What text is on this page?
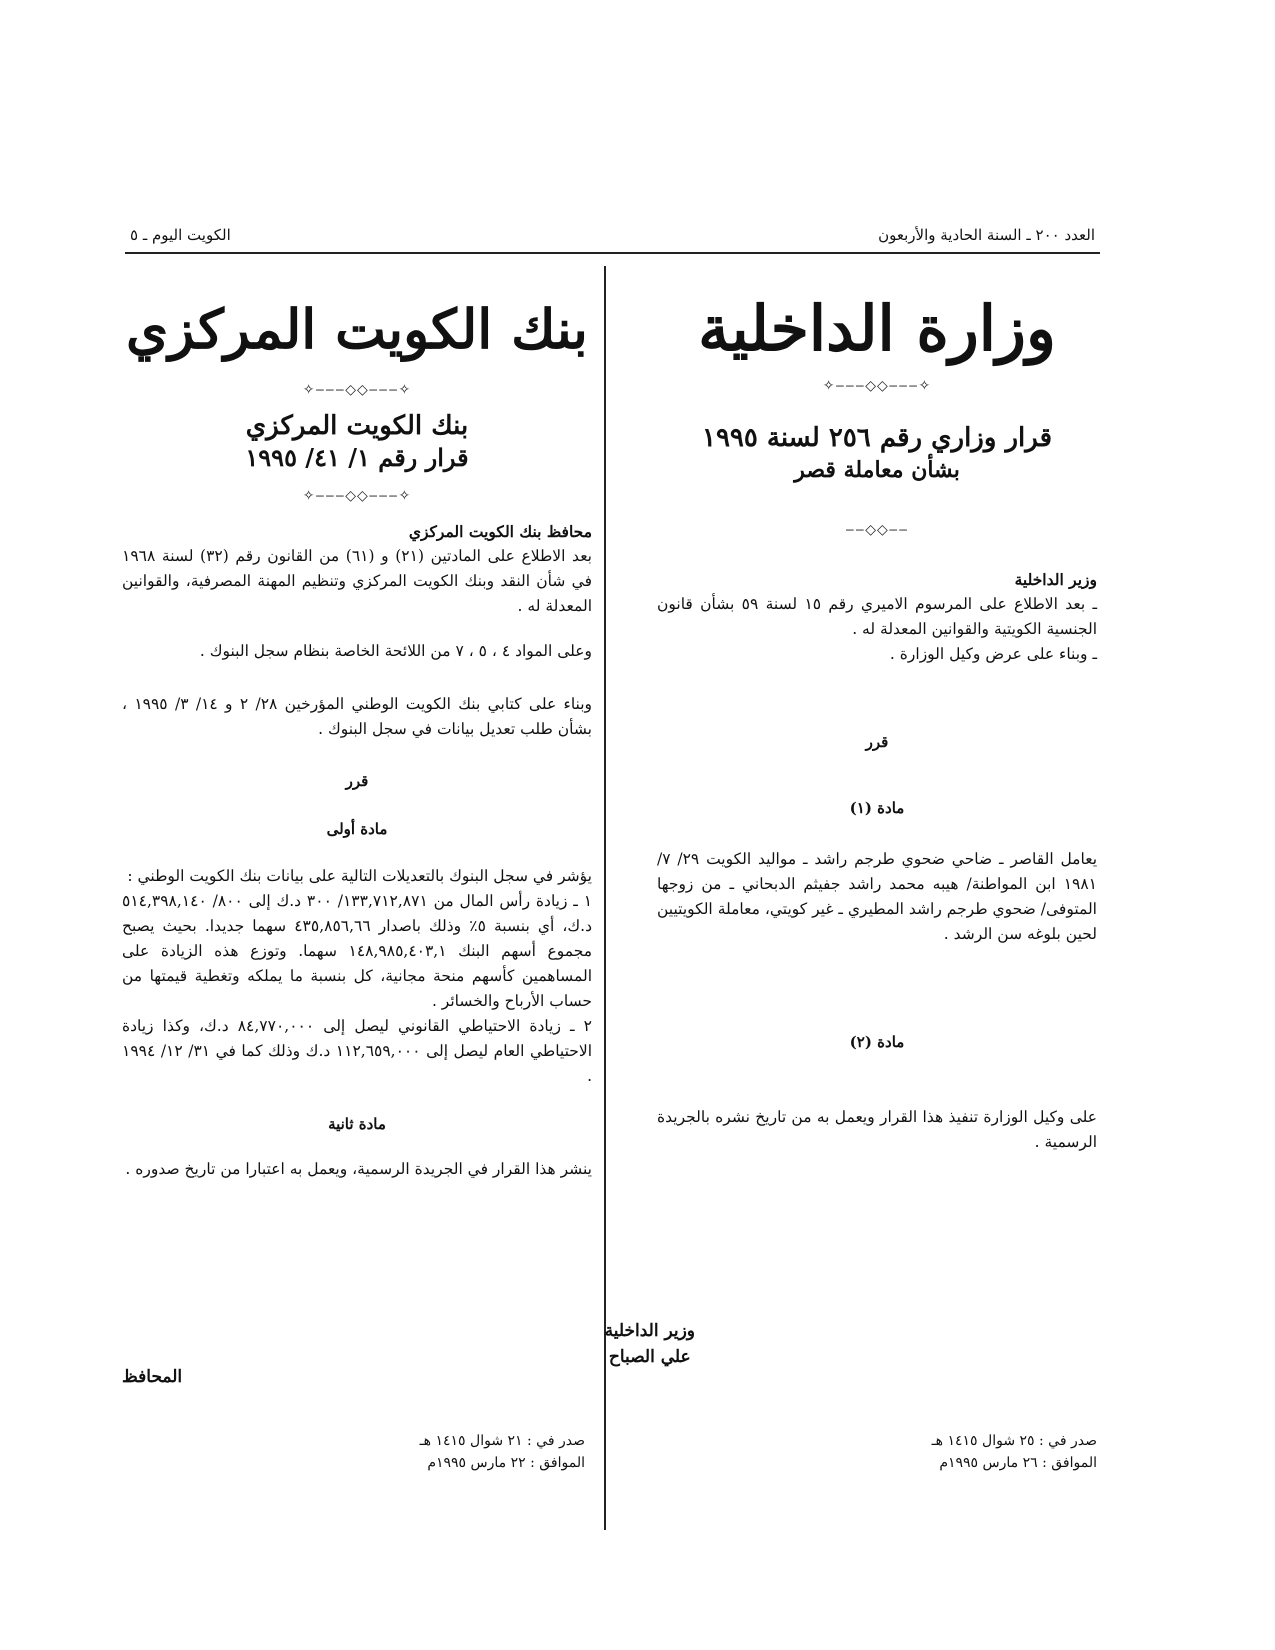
العدد ٢٠٠ ـ السنة الحادية والأربعون
الكويت اليوم ـ ٥
وزارة الداخلية
✧‒‒‒◇◇‒‒‒✧
قرار وزاري رقم ٢٥٦ لسنة ١٩٩٥
بشأن معاملة قصر
‒‒◇◇‒‒

وزير الداخلية

ـ بعد الاطلاع على المرسوم الاميري رقم ١٥ لسنة ٥٩ بشأن قانون الجنسية الكويتية والقوانين المعدلة له .

ـ وبناء على عرض وكيل الوزارة .

قرر
مادة (١)

يعامل القاصر ـ ضاحي ضحوي طرجم راشد ـ مواليد الكويت ٢٩/ ٧/ ١٩٨١ ابن المواطنة/ هيبه محمد راشد جفيثم الدبحاني ـ من زوجها المتوفى/ ضحوي طرجم راشد المطيري ـ غير كويتي، معاملة الكويتيين لحين بلوغه سن الرشد .

مادة (٢)

على وكيل الوزارة تنفيذ هذا القرار ويعمل به من تاريخ نشره بالجريدة الرسمية .

وزير الداخلية
علي الصباح
صدر في : ٢٥ شوال ١٤١٥ هـ
الموافق : ٢٦ مارس ١٩٩٥م
بنك الكويت المركزي
✧‒‒‒◇◇‒‒‒✧
بنك الكويت المركزي
قرار رقم ١/ ٤١/ ١٩٩٥
✧‒‒‒◇◇‒‒‒✧

محافظ بنك الكويت المركزي

بعد الاطلاع على المادتين (٢١) و (٦١) من القانون رقم (٣٢) لسنة ١٩٦٨ في شأن النقد وبنك الكويت المركزي وتنظيم المهنة المصرفية، والقوانين المعدلة له .

وعلى المواد ٤ ، ٥ ، ٧ من اللائحة الخاصة بنظام سجل البنوك .

وبناء على كتابي بنك الكويت الوطني المؤرخين ٢٨/ ٢ و ١٤/ ٣/ ١٩٩٥ ، بشأن طلب تعديل بيانات في سجل البنوك .

قرر
مادة أولى

يؤشر في سجل البنوك بالتعديلات التالية على بيانات بنك الكويت الوطني :

١ ـ زيادة رأس المال من ١٣٣,٧١٢,٨٧١/ ٣٠٠ د.ك إلى ٨٠٠/ ٥١٤,٣٩٨,١٤٠ د.ك، أي بنسبة ٥٪ وذلك باصدار ٤٣٥,٨٥٦,٦٦ سهما جديدا. بحيث يصبح مجموع أسهم البنك ١٤٨,٩٨٥,٤٠٣,١ سهما. وتوزع هذه الزيادة على المساهمين كأسهم منحة مجانية، كل بنسبة ما يملكه وتغطية قيمتها من حساب الأرباح والخسائر .

٢ ـ زيادة الاحتياطي القانوني ليصل إلى ٨٤,٧٧٠,٠٠٠ د.ك، وكذا زيادة الاحتياطي العام ليصل إلى ١١٢,٦٥٩,٠٠٠ د.ك وذلك كما في ٣١/ ١٢/ ١٩٩٤ .

مادة ثانية

ينشر هذا القرار في الجريدة الرسمية، ويعمل به اعتبارا من تاريخ صدوره .

المحافظ
صدر في : ٢١ شوال ١٤١٥ هـ
الموافق : ٢٢ مارس ١٩٩٥م
